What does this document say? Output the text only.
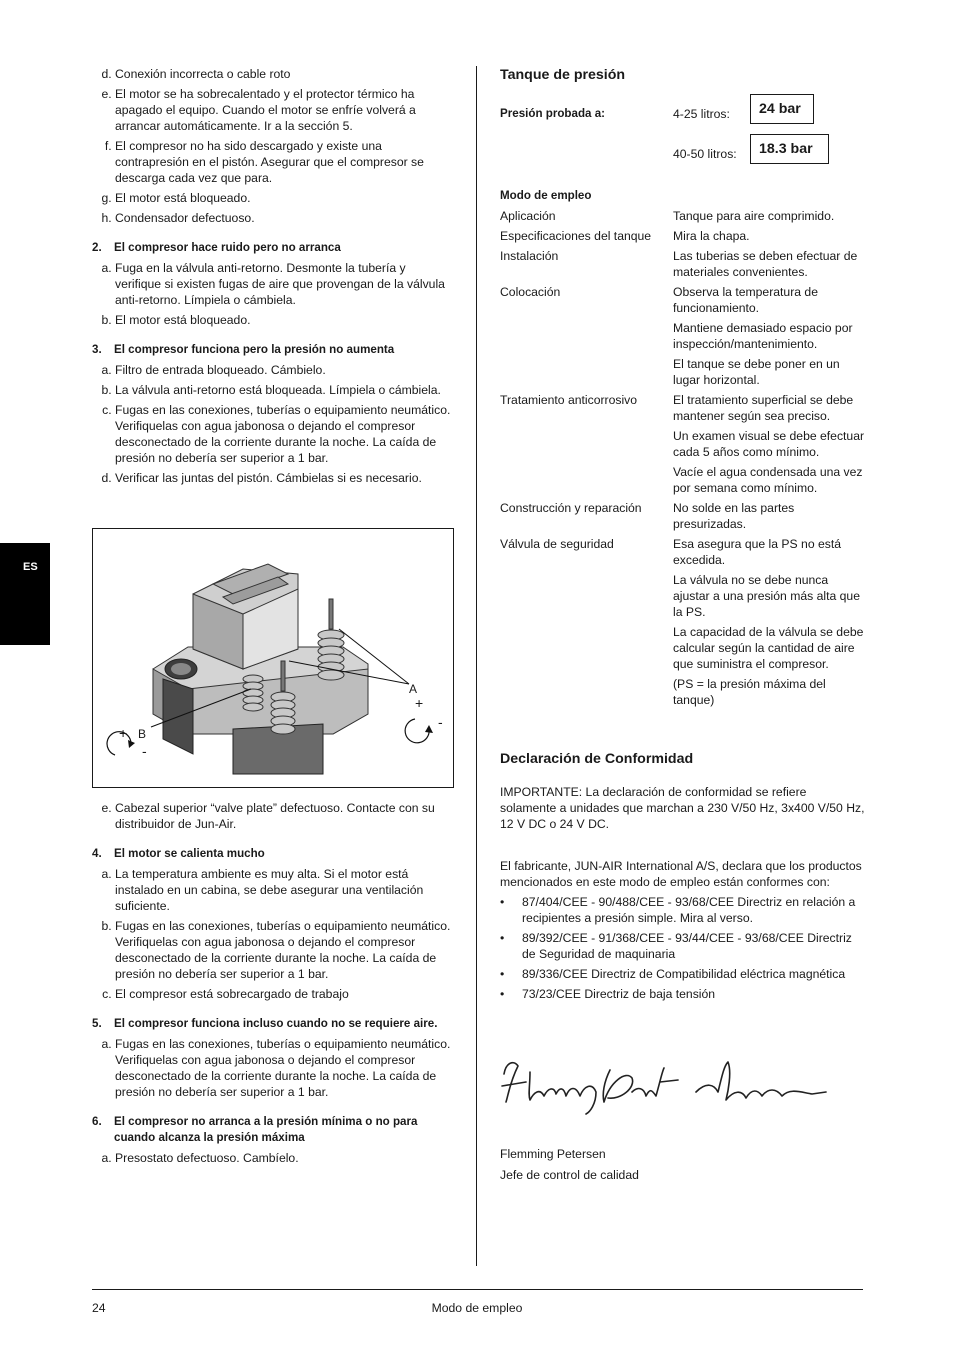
ES
d. Conexión incorrecta o cable roto
e. El motor se ha sobrecalentado y el protector térmico ha apagado el equipo. Cuando el motor se enfríe volverá a arrancar automáticamente. Ir a la sección 5.
f. El compresor no ha sido descargado y existe una contrapresión en el pistón. Asegurar que el compresor se descarga cada vez que para.
g. El motor está bloqueado.
h. Condensador defectuoso.
2.	El compresor hace ruido pero no arranca
a. Fuga en la válvula anti-retorno. Desmonte la tubería y verifique si existen fugas de aire que provengan de la válvula anti-retorno. Límpiela o cámbiela.
b. El motor está bloqueado.
3.	El compresor funciona pero la presión no aumenta
a. Filtro de entrada bloqueado. Cámbielo.
b. La válvula anti-retorno está bloqueada. Límpiela o cámbiela.
c. Fugas en las conexiones, tuberías o equipamiento neumático. Verifiquelas con agua jabonosa o dejando el compresor desconectado de la corriente durante la noche. La caída de presión no debería ser superior a 1 bar.
d. Verificar las juntas del pistón. Cámbielas si es necesario.
A
+
-
+ B
-
e. Cabezal superior “valve plate” defectuoso. Contacte con su distribuidor de Jun-Air.
4.	El motor se calienta mucho
a. La temperatura ambiente es muy alta. Si el motor está instalado en un cabina, se debe asegurar una ventilación suficiente.
b. Fugas en las conexiones, tuberías o equipamiento neumático. Verifiquelas con agua jabonosa o dejando el compresor desconectado de la corriente durante la noche. La caída de presión no debería ser superior a 1 bar.
c. El compresor está sobrecargado de trabajo
5.	El compresor funciona incluso cuando no se requiere aire.
a. Fugas en las conexiones, tuberías o equipamiento neumático. Verifiquelas con agua jabonosa o dejando el compresor desconectado de la corriente durante la noche. La caída de presión no debería ser superior a 1 bar.
6.	El compresor no arranca a la presión mínima o no para cuando alcanza la presión máxima
a. Presostato defectuoso. Cambíelo.
Tanque de presión
Presión probada a:	4-25 litros:	24 bar
40-50 litros:	18.3 bar
Modo de empleo
Aplicación	Tanque para aire comprimido.
Especificaciones del tanque	Mira la chapa.
Instalación	Las tuberias se deben efectuar de materiales convenientes.
Colocación	Observa la temperatura de funcionamiento.
Mantiene demasiado espacio por inspección/mantenimiento.
El tanque se debe poner en un lugar horizontal.
Tratamiento anticorrosivo	El tratamiento superficial se debe mantener según sea preciso.
Un examen visual se debe efectuar cada 5 años como mínimo.
Vacíe el agua condensada una vez por semana como mínimo.
Construcción y reparación	No solde en las partes presurizadas.
Válvula de seguridad	Esa asegura que la PS no está excedida.
La válvula no se debe nunca ajustar a una presión más alta que la PS.
La capacidad de la válvula se debe calcular según la cantidad de aire que suministra el compresor.
(PS = la presión máxima del tanque)
Declaración de Conformidad
IMPORTANTE: La declaración de conformidad se refiere solamente a unidades que marchan a 230 V/50 Hz, 3x400 V/50 Hz, 12 V DC o 24 V DC.
El fabricante, JUN-AIR International A/S, declara que los productos mencionados en este modo de empleo están conformes con:
•	87/404/CEE - 90/488/CEE - 93/68/CEE Directriz en relación a recipientes a presión simple. Mira al verso.
•	89/392/CEE - 91/368/CEE - 93/44/CEE - 93/68/CEE Directriz de Seguridad de maquinaria
•	89/336/CEE Directriz de Compatibilidad eléctrica magnética
•	73/23/CEE Directriz de baja tensión
Flemming Petersen
Jefe de control de calidad
24	Modo de empleo
